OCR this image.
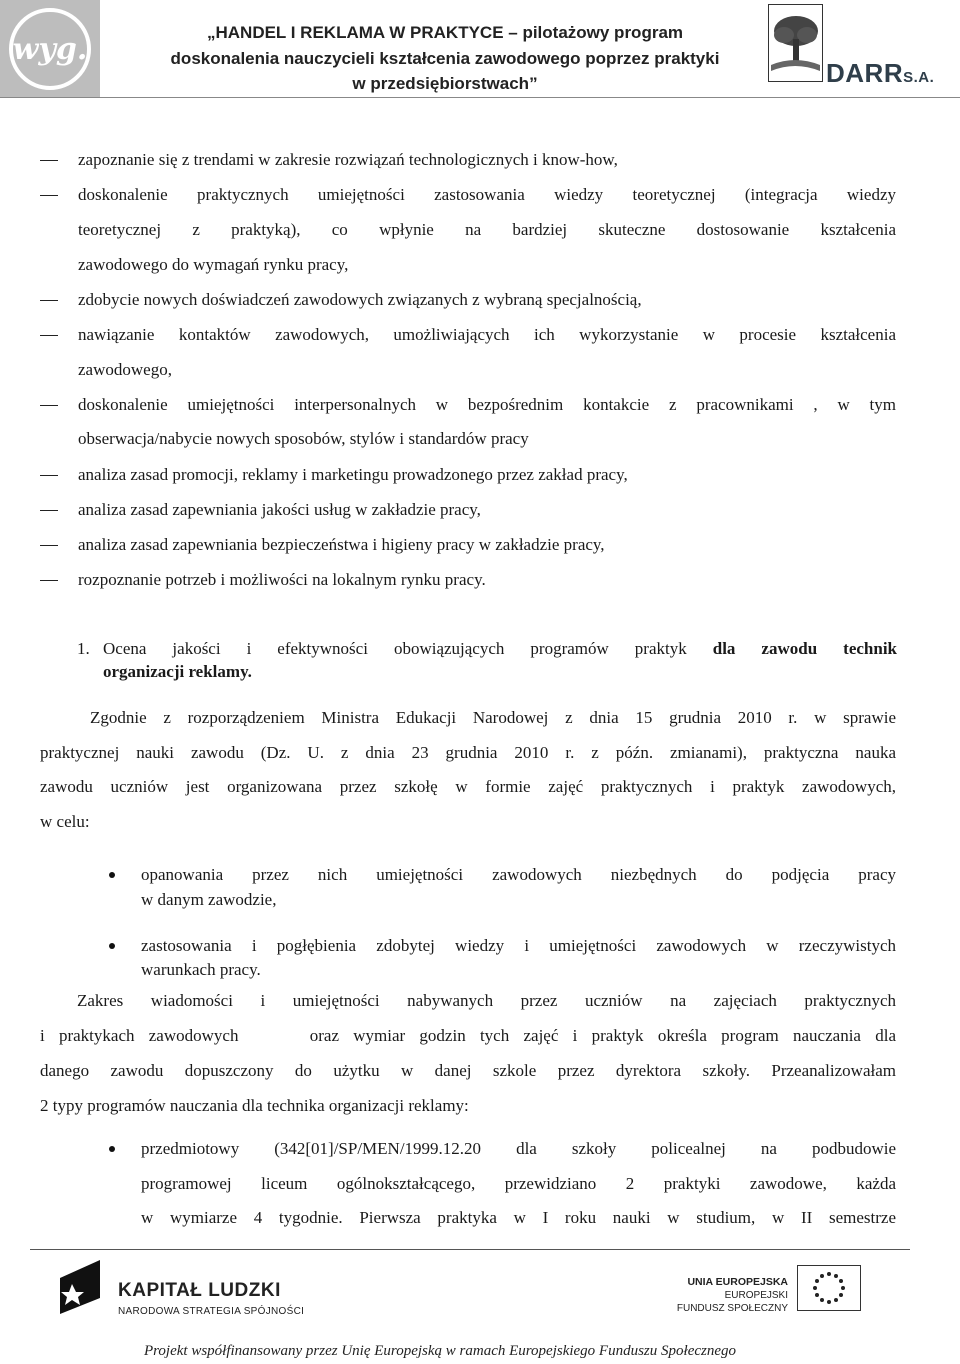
wyg.	„HANDEL I REKLAMA W PRAKTYCE – pilotażowy program
doskonalenia nauczycieli kształcenia zawodowego poprzez praktyki
w przedsiębiorstwach”	DARRS.A.
zapoznanie się z trendami w zakresie rozwiązań technologicznych i know-how,
doskonalenie praktycznych umiejętności zastosowania wiedzy teoretycznej (integracja wiedzy
teoretycznej z praktyką), co wpłynie na bardziej skuteczne dostosowanie kształcenia
zawodowego do wymagań rynku pracy,
zdobycie nowych doświadczeń zawodowych związanych z wybraną specjalnością,
nawiązanie kontaktów zawodowych, umożliwiających ich wykorzystanie w procesie kształcenia
zawodowego,
doskonalenie umiejętności interpersonalnych w bezpośrednim kontakcie z pracownikami , w tym
obserwacja/nabycie nowych sposobów, stylów i standardów pracy
analiza zasad promocji, reklamy i marketingu prowadzonego przez zakład pracy,
analiza zasad zapewniania jakości usług w zakładzie pracy,
analiza zasad zapewniania bezpieczeństwa i higieny pracy w zakładzie pracy,
rozpoznanie potrzeb i możliwości na lokalnym rynku pracy.
1. Ocena jakości i efektywności obowiązujących programów praktyk dla zawodu technik
organizacji reklamy.
Zgodnie z rozporządzeniem Ministra Edukacji Narodowej z dnia 15 grudnia 2010 r. w sprawie
praktycznej nauki zawodu (Dz. U. z dnia 23 grudnia 2010 r. z późn. zmianami), praktyczna nauka
zawodu uczniów jest organizowana przez szkołę w formie zajęć praktycznych i praktyk zawodowych,
w celu:
opanowania przez nich umiejętności zawodowych niezbędnych do podjęcia pracy
w danym zawodzie,
zastosowania i pogłębienia zdobytej wiedzy i umiejętności zawodowych w rzeczywistych
warunkach pracy.
Zakres wiadomości i umiejętności nabywanych przez uczniów na zajęciach praktycznych
i praktykach zawodowych     oraz wymiar godzin tych zajęć i praktyk określa program nauczania dla
danego zawodu dopuszczony do użytku w danej szkole przez dyrektora szkoły. Przeanalizowałam
2 typy programów nauczania dla technika organizacji reklamy:
przedmiotowy (342[01]/SP/MEN/1999.12.20 dla szkoły policealnej na podbudowie
programowej liceum ogólnokształcącego, przewidziano 2 praktyki zawodowe, każda
w wymiarze 4 tygodnie. Pierwsza praktyka w I roku nauki w studium, w II semestrze
KAPITAŁ LUDZKI
NARODOWA STRATEGIA SPÓJNOŚCI
UNIA EUROPEJSKA
EUROPEJSKI
FUNDUSZ SPOŁECZNY
Projekt współfinansowany przez Unię Europejską w ramach Europejskiego Funduszu Społecznego
